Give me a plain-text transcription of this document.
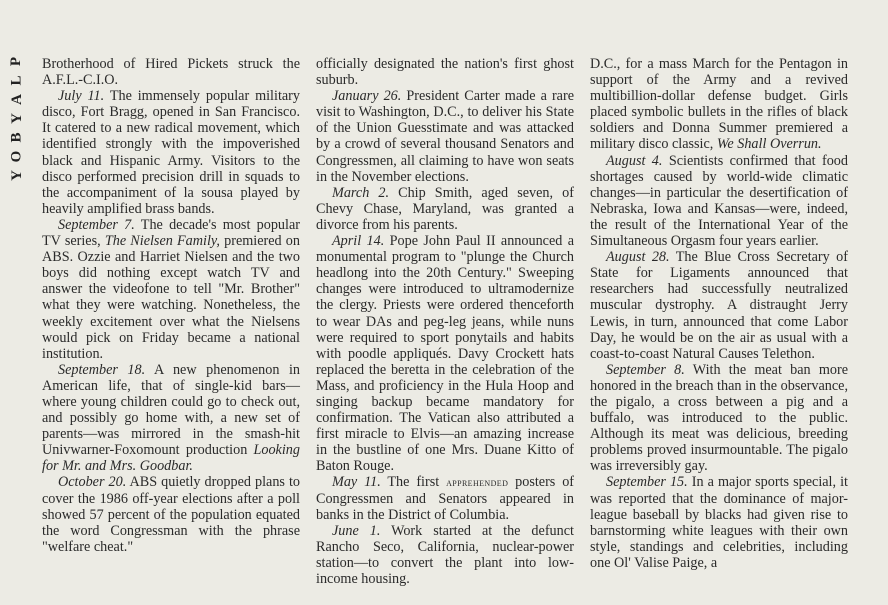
P
L
A
Y
B
O
Y

Brotherhood of Hired Pickets struck the A.F.L.-C.I.O.

July 11. The immensely popular military disco, Fort Bragg, opened in San Francisco. It catered to a new radical movement, which identified strongly with the impoverished black and Hispanic Army. Visitors to the disco performed precision drill in squads to the accompaniment of la sousa played by heavily amplified brass bands.

September 7. The decade's most popular TV series, The Nielsen Family, premiered on ABS. Ozzie and Harriet Nielsen and the two boys did nothing except watch TV and answer the videofone to tell "Mr. Brother" what they were watching. Nonetheless, the weekly excitement over what the Nielsens would pick on Friday became a national institution.

September 18. A new phenomenon in American life, that of single-kid bars—where young children could go to check out, and possibly go home with, a new set of parents—was mirrored in the smash-hit Univwarner-Foxomount production Looking for Mr. and Mrs. Goodbar.

October 20. ABS quietly dropped plans to cover the 1986 off-year elections after a poll showed 57 percent of the population equated the word Congressman with the phrase "welfare cheat."

officially designated the nation's first ghost suburb.

January 26. President Carter made a rare visit to Washington, D.C., to deliver his State of the Union Guesstimate and was attacked by a crowd of several thousand Senators and Congressmen, all claiming to have won seats in the November elections.

March 2. Chip Smith, aged seven, of Chevy Chase, Maryland, was granted a divorce from his parents.

April 14. Pope John Paul II announced a monumental program to "plunge the Church headlong into the 20th Century." Sweeping changes were introduced to ultramodernize the clergy. Priests were ordered thenceforth to wear DAs and peg-leg jeans, while nuns were required to sport ponytails and habits with poodle appliqués. Davy Crockett hats replaced the beretta in the celebration of the Mass, and proficiency in the Hula Hoop and singing backup became mandatory for confirmation. The Vatican also attributed a first miracle to Elvis—an amazing increase in the bustline of one Mrs. Duane Kitto of Baton Rouge.

May 11. The first apprehended posters of Congressmen and Senators appeared in banks in the District of Columbia.

June 1. Work started at the defunct Rancho Seco, California, nuclear-power station—to convert the plant into low-income housing.

D.C., for a mass March for the Pentagon in support of the Army and a revived multibillion-dollar defense budget. Girls placed symbolic bullets in the rifles of black soldiers and Donna Summer premiered a military disco classic, We Shall Overrun.

August 4. Scientists confirmed that food shortages caused by world-wide climatic changes—in particular the desertification of Nebraska, Iowa and Kansas—were, indeed, the result of the International Year of the Simultaneous Orgasm four years earlier.

August 28. The Blue Cross Secretary of State for Ligaments announced that researchers had successfully neutralized muscular dystrophy. A distraught Jerry Lewis, in turn, announced that come Labor Day, he would be on the air as usual with a coast-to-coast Natural Causes Telethon.

September 8. With the meat ban more honored in the breach than in the observance, the pigalo, a cross between a pig and a buffalo, was introduced to the public. Although its meat was delicious, breeding problems proved insurmountable. The pigalo was irreversibly gay.

September 15. In a major sports special, it was reported that the dominance of major-league baseball by blacks had given rise to barnstorming white leagues with their own style, standings and celebrities, including one Ol' Valise Paige, a
